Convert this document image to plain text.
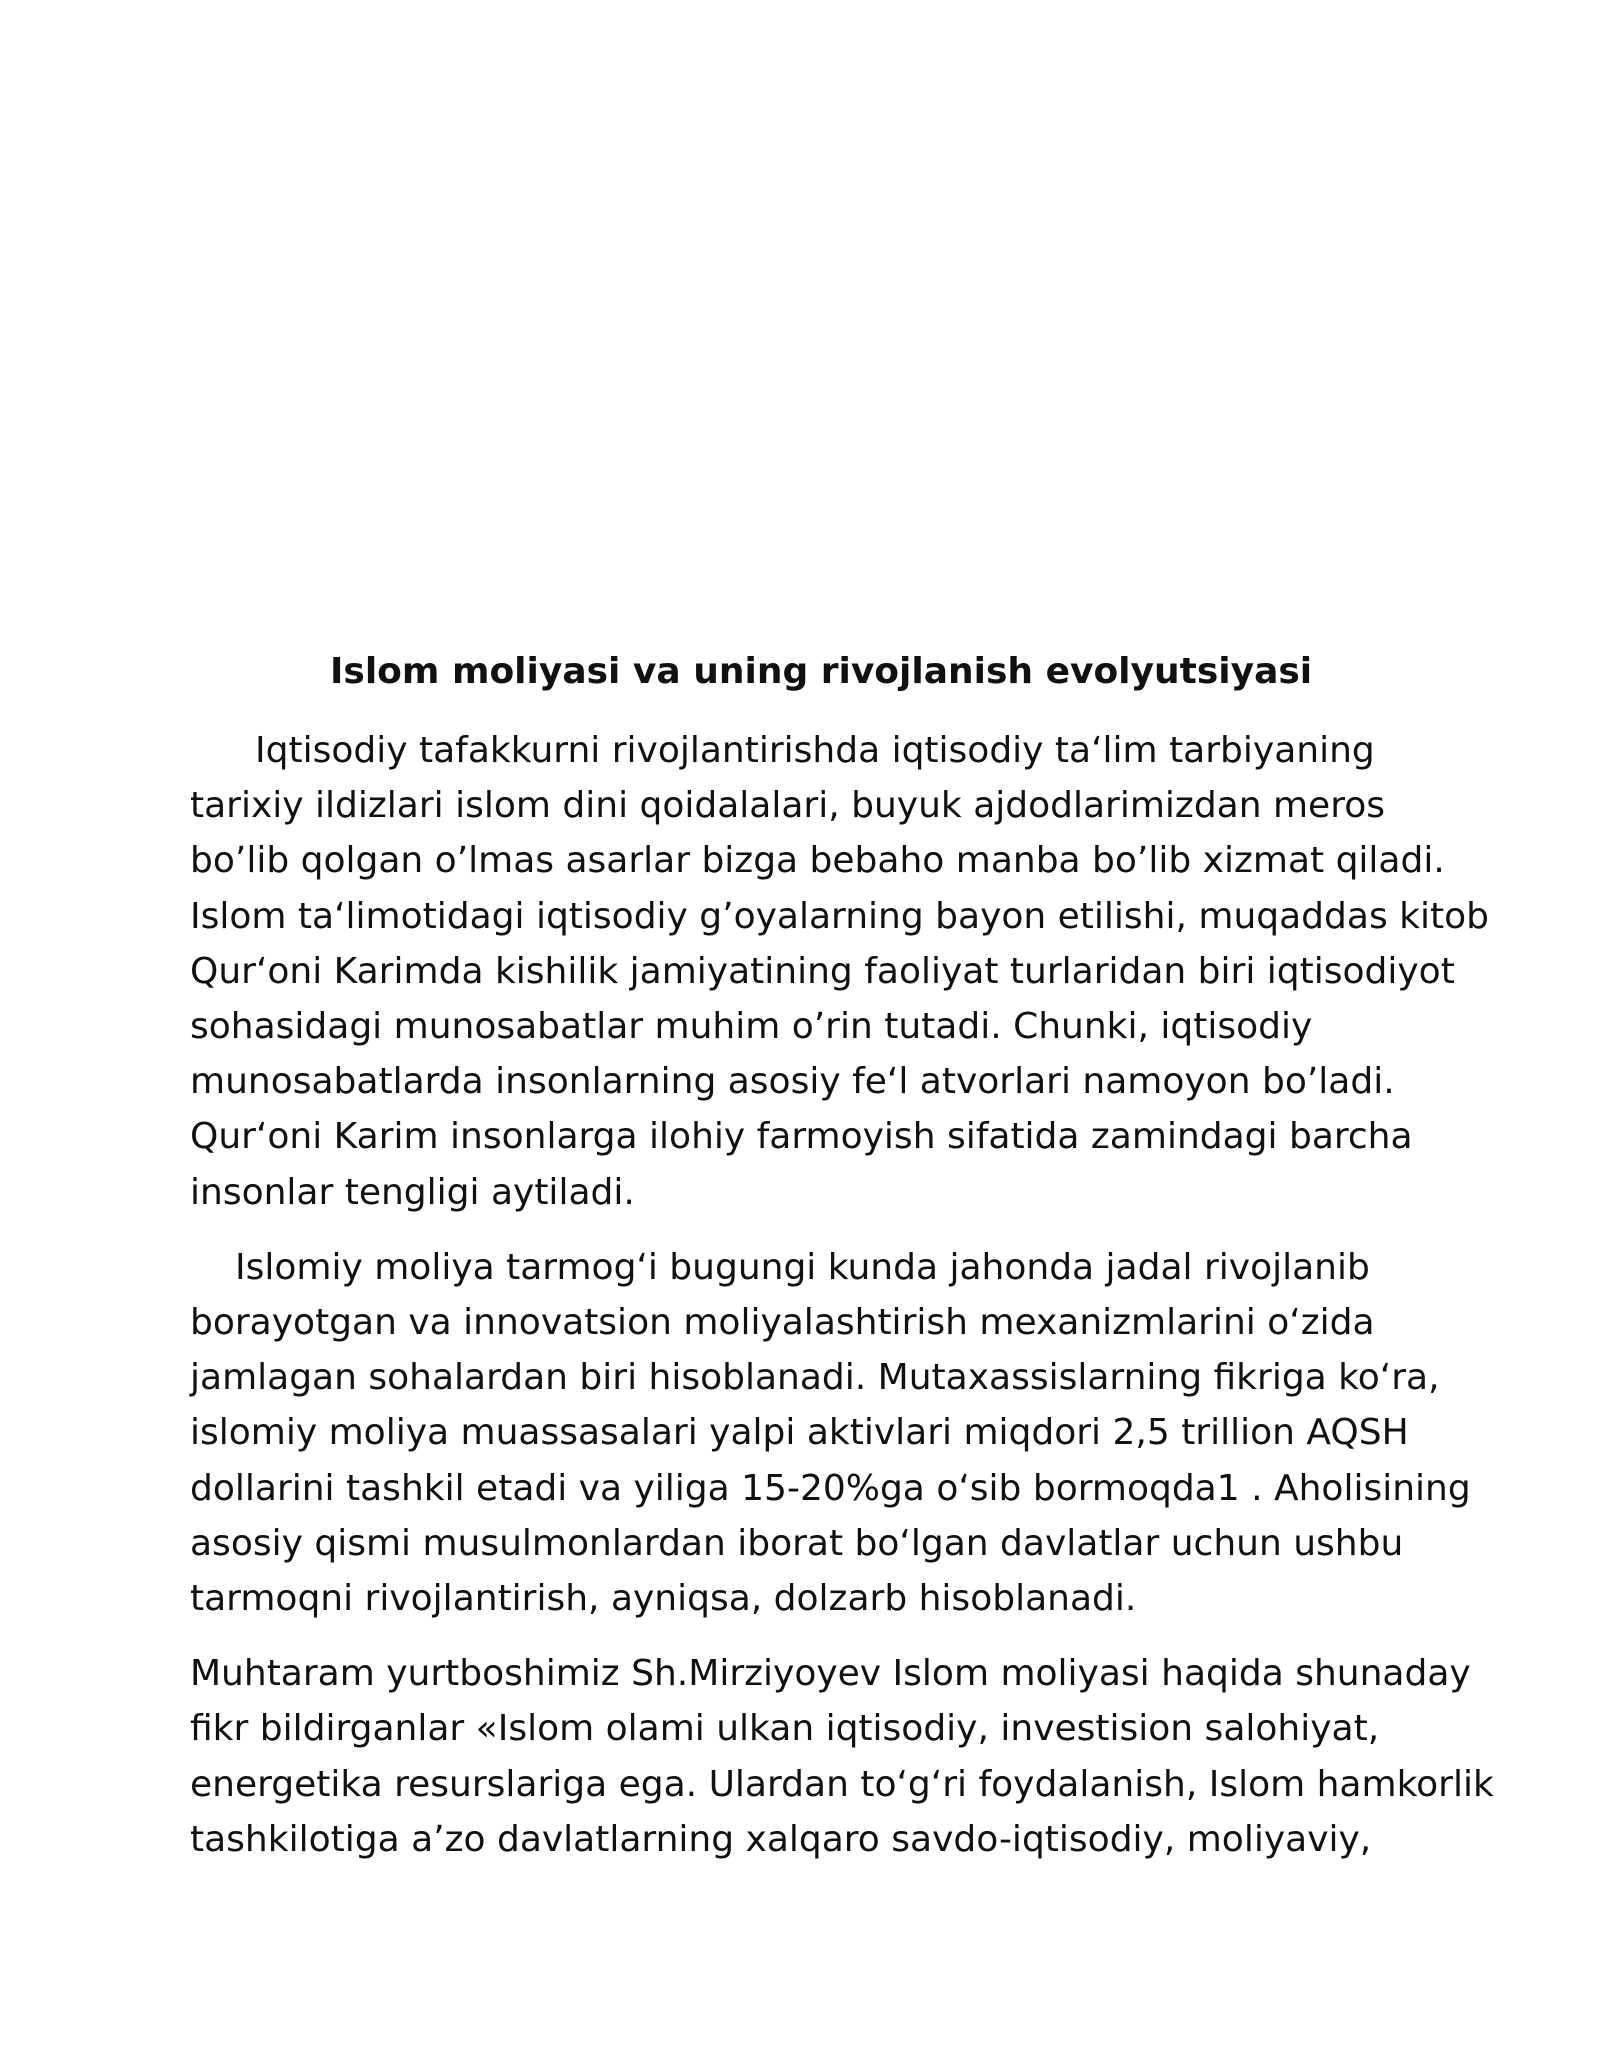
Islom moliyasi va uning rivojlanish evolyutsiyasi

Iqtisodiy tafakkurni rivojlantirishda iqtisodiy ta‘lim tarbiyaning
tarixiy ildizlari islom dini qoidalalari, buyuk ajdodlarimizdan meros
bo’lib qolgan o’lmas asarlar bizga bebaho manba bo’lib xizmat qiladi.
Islom ta‘limotidagi iqtisodiy g’oyalarning bayon etilishi, muqaddas kitob
Qur‘oni Karimda kishilik jamiyatining faoliyat turlaridan biri iqtisodiyot
sohasidagi munosabatlar muhim o’rin tutadi. Chunki, iqtisodiy
munosabatlarda insonlarning asosiy fe‘l atvorlari namoyon bo’ladi.
Qur‘oni Karim insonlarga ilohiy farmoyish sifatida zamindagi barcha
insonlar tengligi aytiladi.

Islomiy moliya tarmog‘i bugungi kunda jahonda jadal rivojlanib
borayotgan va innovatsion moliyalashtirish mexanizmlarini o‘zida
jamlagan sohalardan biri hisoblanadi. Mutaxassislarning fikriga ko‘ra,
islomiy moliya muassasalari yalpi aktivlari miqdori 2,5 trillion AQSH
dollarini tashkil etadi va yiliga 15-20%ga o‘sib bormoqda1 . Aholisining
asosiy qismi musulmonlardan iborat bo‘lgan davlatlar uchun ushbu
tarmoqni rivojlantirish, ayniqsa, dolzarb hisoblanadi.

Muhtaram yurtboshimiz Sh.Mirziyoyev Islom moliyasi haqida shunaday
fikr bildirganlar «Islom olami ulkan iqtisodiy, investision salohiyat,
energetika resurslariga ega. Ulardan to‘g‘ri foydalanish, Islom hamkorlik
tashkilotiga a’zo davlatlarning xalqaro savdo-iqtisodiy, moliyaviy,
